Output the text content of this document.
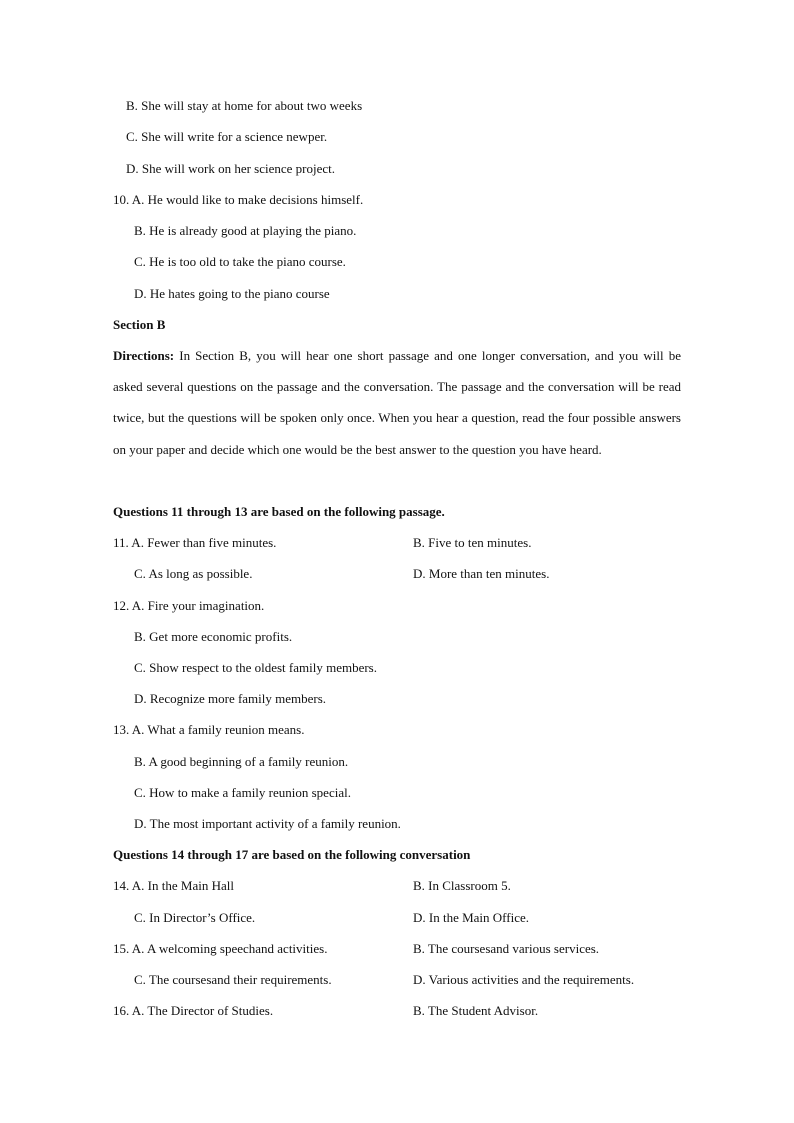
B. She will stay at home for about two weeks
C. She will write for a science newper.
D. She will work on her science project.
10. A. He would like to make decisions himself.
B. He is already good at playing the piano.
C. He is too old to take the piano course.
D. He hates going to the piano course
Section B
Directions: In Section B, you will hear one short passage and one longer conversation, and you will be asked several questions on the passage and the conversation. The passage and the conversation will be read twice, but the questions will be spoken only once. When you hear a question, read the four possible answers on your paper and decide which one would be the best answer to the question you have heard.
Questions 11 through 13 are based on the following passage.
11. A. Fewer than five minutes.	B. Five to ten minutes.
C. As long as possible.	D. More than ten minutes.
12. A. Fire your imagination.
B. Get more economic profits.
C. Show respect to the oldest family members.
D. Recognize more family members.
13. A. What a family reunion means.
B. A good beginning of a family reunion.
C. How to make a family reunion special.
D. The most important activity of a family reunion.
Questions 14 through 17 are based on the following conversation
14. A. In the Main Hall	B. In Classroom 5.
C. In Director’s Office.	D. In the Main Office.
15. A. A welcoming speechand activities.	B. The coursesand various services.
C. The coursesand their requirements.	D. Various activities and the requirements.
16. A. The Director of Studies.	B. The Student Advisor.
